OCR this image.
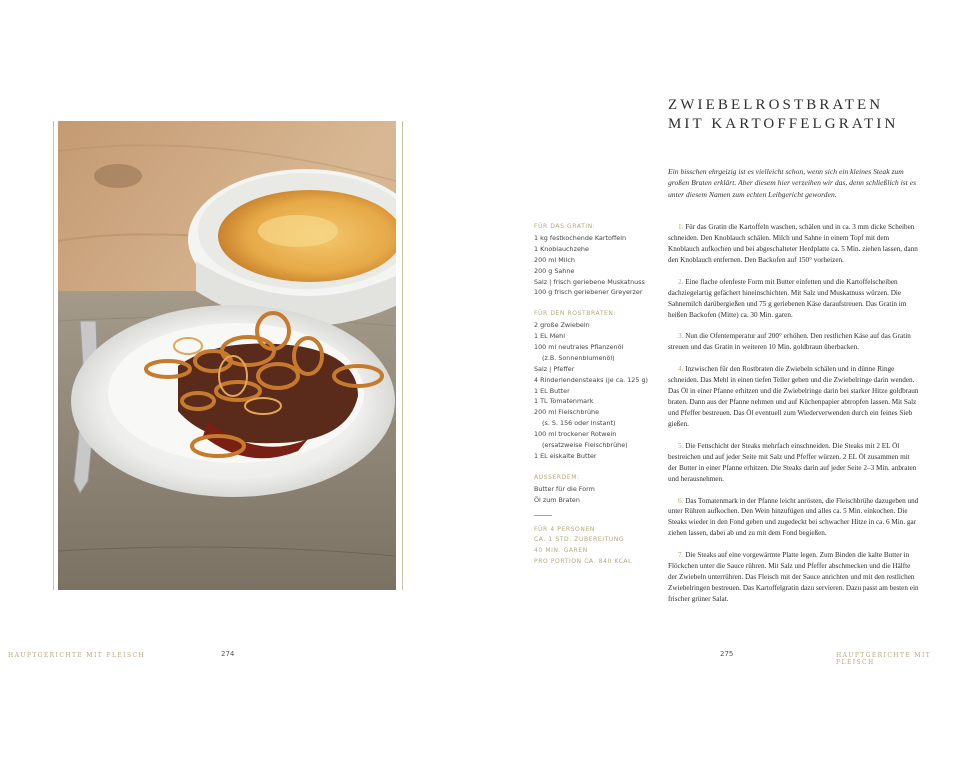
ZWIEBELROSTBRATEN
MIT KARTOFFELGRATIN

Ein bisschen ehrgeizig ist es vielleicht schon, wenn sich ein kleines Steak zum großen Braten erklärt. Aber diesem hier verzeihen wir das, denn schließlich ist es unter diesem Namen zum echten Leibgericht geworden.

FÜR DAS GRATIN:
1 kg festkochende Kartoffeln
1 Knoblauchzehe
200 ml Milch
200 g Sahne
Salz | frisch geriebene Muskatnuss
100 g frisch geriebener Greyerzer
FÜR DEN ROSTBRATEN:
2 große Zwiebeln
1 EL Mehl
100 ml neutrales Pflanzenöl
(z.B. Sonnenblumenöl)
Salz | Pfeffer
4 Rinderlendensteaks (je ca. 125 g)
1 EL Butter
1 TL Tomatenmark
200 ml Fleischbrühe
(s. S. 156 oder Instant)
100 ml trockener Rotwein
(ersatzweise Fleischbrühe)
1 EL eiskalte Butter
AUSSERDEM:
Butter für die Form
Öl zum Braten
FÜR 4 PERSONEN
CA. 1 STD. ZUBEREITUNG
40 MIN. GAREN
PRO PORTION CA. 840 KCAL

1. Für das Gratin die Kartoffeln waschen, schälen und in ca. 3 mm dicke Scheiben schneiden. Den Knoblauch schälen. Milch und Sahne in einem Topf mit dem Knoblauch aufkochen und bei abgeschalteter Herdplatte ca. 5 Min. ziehen lassen, dann den Knoblauch entfernen. Den Backofen auf 150° vorheizen.

2. Eine flache ofenfeste Form mit Butter einfetten und die Kartoffelscheiben dachziegelartig gefächert hineinschichten. Mit Salz und Muskatnuss würzen. Die Sahnemilch darübergießen und 75 g geriebenen Käse daraufstreuen. Das Gratin im heißen Backofen (Mitte) ca. 30 Min. garen.

3. Nun die Ofentemperatur auf 200° erhöhen. Den restlichen Käse auf das Gratin streuen und das Gratin in weiteren 10 Min. goldbraun überbacken.

4. Inzwischen für den Rostbraten die Zwiebeln schälen und in dünne Ringe schneiden. Das Mehl in einen tiefen Teller geben und die Zwiebelringe darin wenden. Das Öl in einer Pfanne erhitzen und die Zwiebelringe darin bei starker Hitze goldbraun braten. Dann aus der Pfanne nehmen und auf Küchenpapier abtropfen lassen. Mit Salz und Pfeffer bestreuen. Das Öl eventuell zum Wiederverwenden durch ein feines Sieb gießen.

5. Die Fettschicht der Steaks mehrfach einschneiden. Die Steaks mit 2 EL Öl bestreichen und auf jeder Seite mit Salz und Pfeffer würzen. 2 EL Öl zusammen mit der Butter in einer Pfanne erhitzen. Die Steaks darin auf jeder Seite 2–3 Min. anbraten und herausnehmen.

6. Das Tomatenmark in der Pfanne leicht anrösten, die Fleischbrühe dazugeben und unter Rühren aufkochen. Den Wein hinzufügen und alles ca. 5 Min. einkochen. Die Steaks wieder in den Fond geben und zugedeckt bei schwacher Hitze in ca. 6 Min. gar ziehen lassen, dabei ab und zu mit dem Fond begießen.

7. Die Steaks auf eine vorgewärmte Platte legen. Zum Binden die kalte Butter in Flöckchen unter die Sauce rühren. Mit Salz und Pfeffer abschmecken und die Hälfte der Zwiebeln unterrühren. Das Fleisch mit der Sauce anrichten und mit den restlichen Zwiebelringen bestreuen. Das Kartoffelgratin dazu servieren. Dazu passt am besten ein frischer grüner Salat.

HAUPTGERICHTE MIT FLEISCH	274	275	HAUPTGERICHTE MIT FLEISCH
